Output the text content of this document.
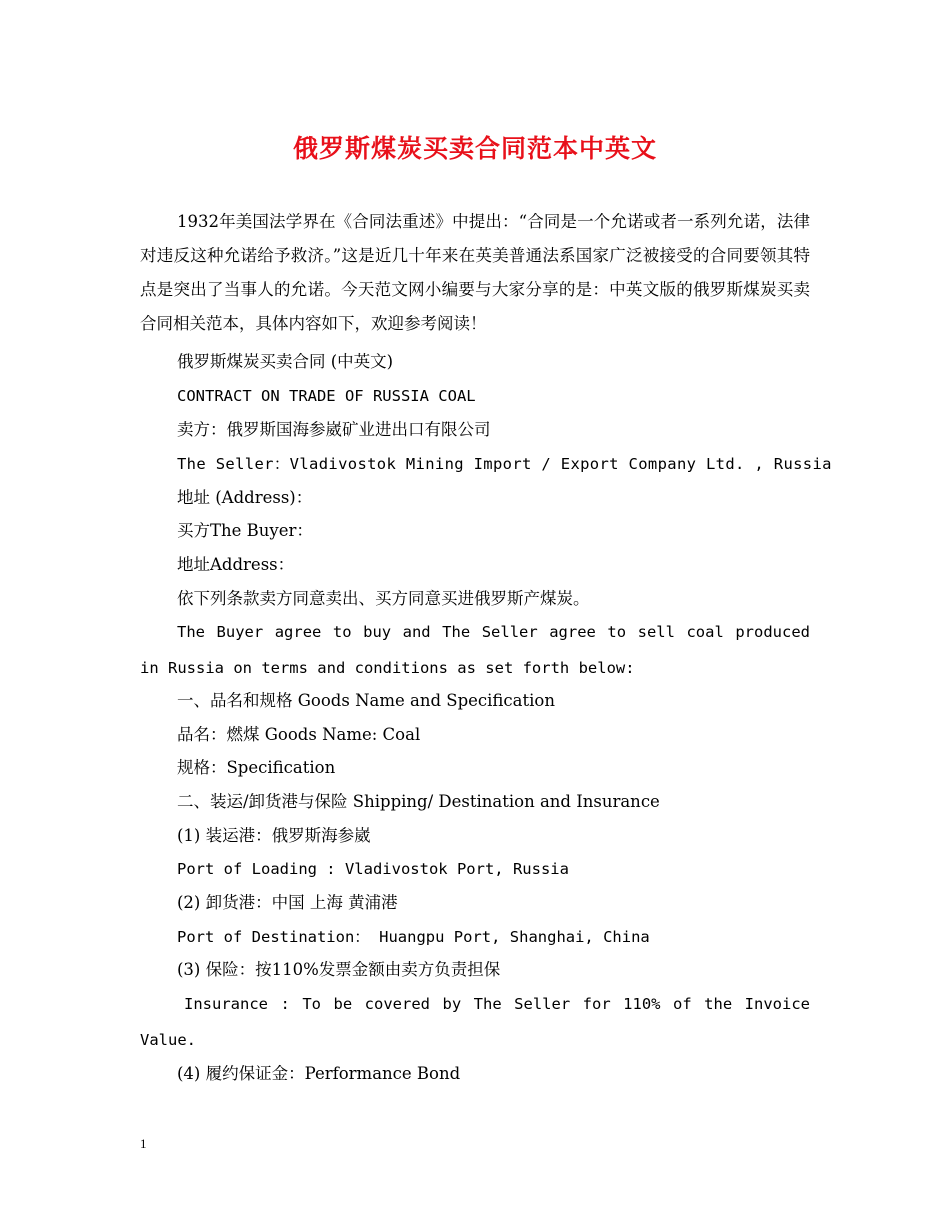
俄罗斯煤炭买卖合同范本中英文
1932年美国法学界在《合同法重述》中提出：“合同是一个允诺或者一系列允诺，法律对违反这种允诺给予救济。”这是近几十年来在英美普通法系国家广泛被接受的合同要领其特点是突出了当事人的允诺。今天范文网小编要与大家分享的是：中英文版的俄罗斯煤炭买卖合同相关范本，具体内容如下，欢迎参考阅读！
俄罗斯煤炭买卖合同 (中英文)
CONTRACT ON TRADE OF RUSSIA COAL
卖方：俄罗斯国海参崴矿业进出口有限公司
The Seller：Vladivostok Mining Import / Export Company Ltd. , Russia
地址 (Address)：
买方The Buyer：
地址Address：
依下列条款卖方同意卖出、买方同意买进俄罗斯产煤炭。
The Buyer agree to buy and The Seller agree to sell coal produced in Russia on terms and conditions as set forth below:
一、品名和规格 Goods Name and Specification
品名：燃煤 Goods Name: Coal
规格：Specification
二、装运/卸货港与保险 Shipping/ Destination and Insurance
(1) 装运港：俄罗斯海参崴
Port of Loading : Vladivostok Port, Russia
(2) 卸货港：中国 上海 黄浦港
Port of Destination： Huangpu Port, Shanghai, China
(3) 保险：按110%发票金额由卖方负责担保
Insurance : To be covered by The Seller for 110% of the Invoice Value.
(4) 履约保证金：Performance Bond
1
